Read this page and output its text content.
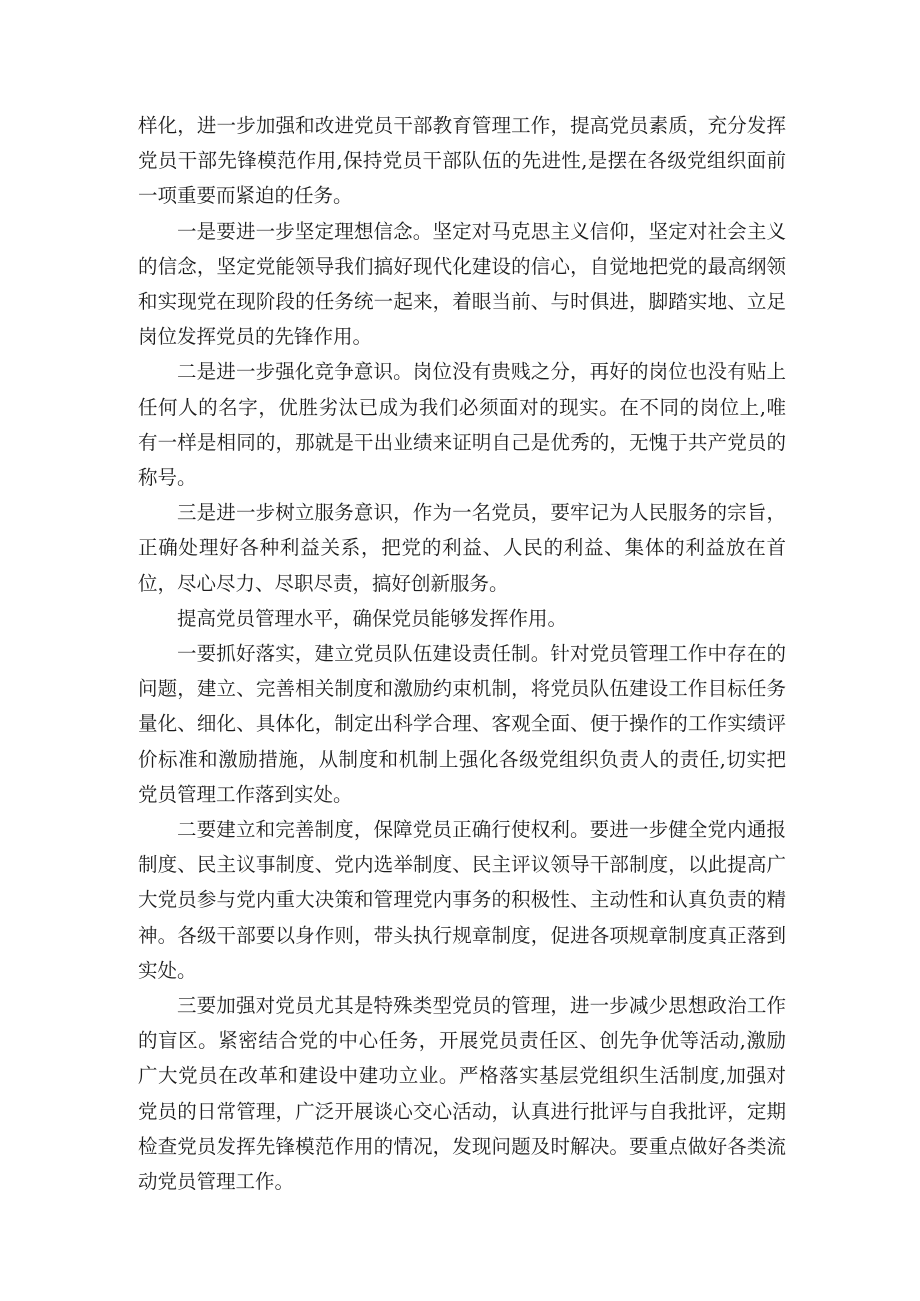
样化，进一步加强和改进党员干部教育管理工作，提高党员素质，充分发挥党员干部先锋模范作用,保持党员干部队伍的先进性,是摆在各级党组织面前一项重要而紧迫的任务。

一是要进一步坚定理想信念。坚定对马克思主义信仰，坚定对社会主义的信念，坚定党能领导我们搞好现代化建设的信心，自觉地把党的最高纲领和实现党在现阶段的任务统一起来，着眼当前、与时俱进，脚踏实地、立足岗位发挥党员的先锋作用。

二是进一步强化竞争意识。岗位没有贵贱之分，再好的岗位也没有贴上任何人的名字，优胜劣汰已成为我们必须面对的现实。在不同的岗位上,唯有一样是相同的，那就是干出业绩来证明自己是优秀的，无愧于共产党员的称号。

三是进一步树立服务意识，作为一名党员，要牢记为人民服务的宗旨，正确处理好各种利益关系，把党的利益、人民的利益、集体的利益放在首位，尽心尽力、尽职尽责，搞好创新服务。

提高党员管理水平，确保党员能够发挥作用。

一要抓好落实，建立党员队伍建设责任制。针对党员管理工作中存在的问题，建立、完善相关制度和激励约束机制，将党员队伍建设工作目标任务量化、细化、具体化，制定出科学合理、客观全面、便于操作的工作实绩评价标准和激励措施，从制度和机制上强化各级党组织负责人的责任,切实把党员管理工作落到实处。

二要建立和完善制度，保障党员正确行使权利。要进一步健全党内通报制度、民主议事制度、党内选举制度、民主评议领导干部制度，以此提高广大党员参与党内重大决策和管理党内事务的积极性、主动性和认真负责的精神。各级干部要以身作则，带头执行规章制度，促进各项规章制度真正落到实处。

三要加强对党员尤其是特殊类型党员的管理，进一步减少思想政治工作的盲区。紧密结合党的中心任务，开展党员责任区、创先争优等活动,激励广大党员在改革和建设中建功立业。严格落实基层党组织生活制度,加强对党员的日常管理，广泛开展谈心交心活动，认真进行批评与自我批评，定期检查党员发挥先锋模范作用的情况，发现问题及时解决。要重点做好各类流动党员管理工作。
